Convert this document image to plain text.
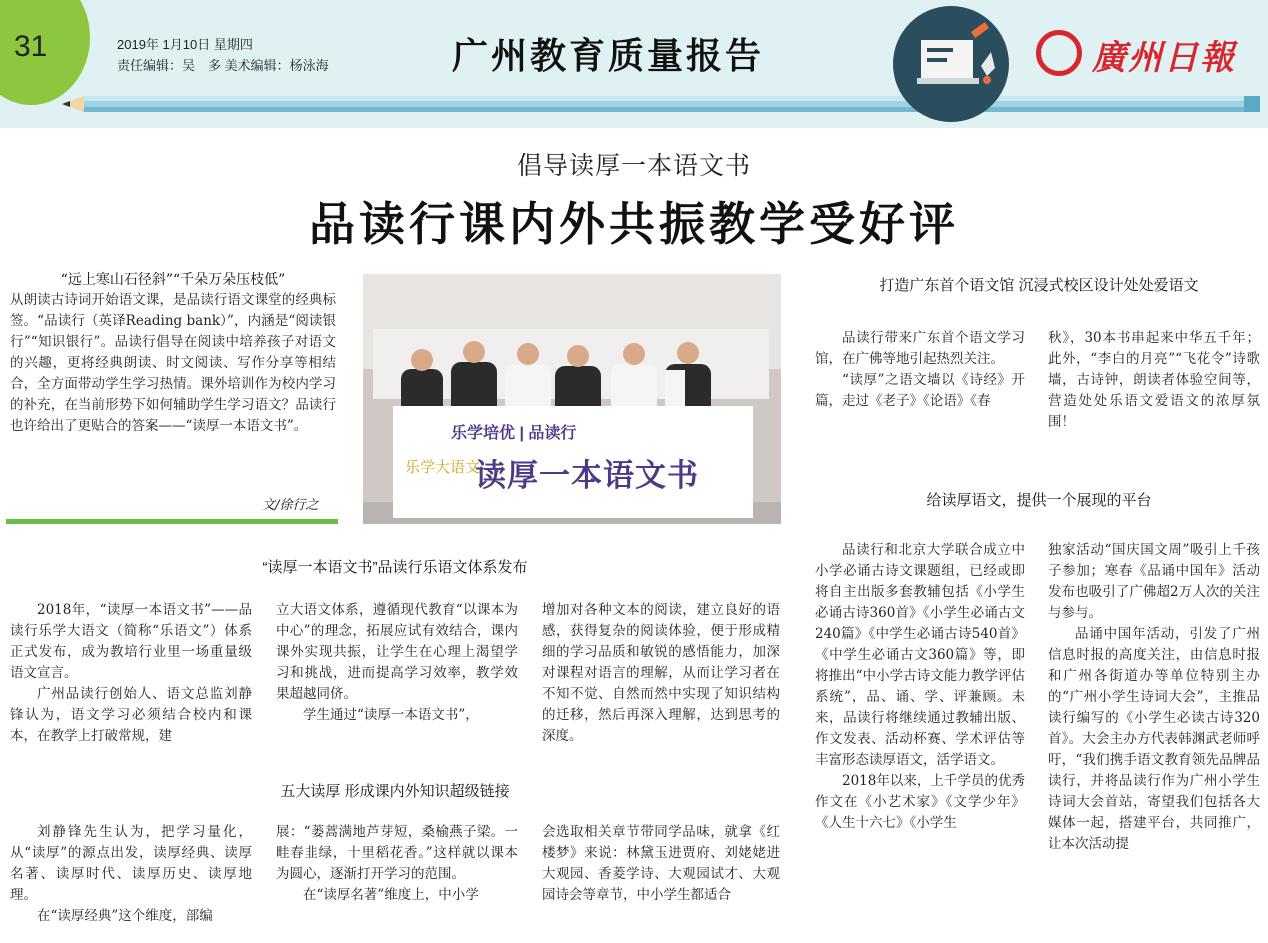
31	2019年 1月10日 星期四
责任编辑：吴　多 美术编辑：杨泳海	广州教育质量报告	廣州日報
倡导读厚一本语文书
品读行课内外共振教学受好评
“远上寒山石径斜”“千朵万朵压枝低”
从朗读古诗词开始语文课，是品读行语文课堂的经典标签。“品读行（英译Reading bank）”，内涵是“阅读银行”“知识银行”。品读行倡导在阅读中培养孩子对语文的兴趣，更将经典朗读、时文阅读、写作分享等相结合，全方面带动学生学习热情。课外培训作为校内学习的补充，在当前形势下如何辅助学生学习语文？品读行也许给出了更贴合的答案——“读厚一本语文书”。
文/徐行之
乐学培优 | 品读行
乐学大语文
读厚一本语文书
“读厚一本语文书”品读行乐语文体系发布

2018年，“读厚一本语文书”——品读行乐学大语文（简称“乐语文”）体系正式发布，成为教培行业里一场重量级语文宣言。

广州品读行创始人、语文总监刘静锋认为，语文学习必须结合校内和课本，在教学上打破常规，建

立大语文体系，遵循现代教育“以课本为中心”的理念，拓展应试有效结合，课内课外实现共振，让学生在心理上渴望学习和挑战，进而提高学习效率，教学效果超越同侪。

学生通过“读厚一本语文书”，

增加对各种文本的阅读，建立良好的语感，获得复杂的阅读体验，便于形成精细的学习品质和敏锐的感悟能力，加深对课程对语言的理解，从而让学习者在不知不觉、自然而然中实现了知识结构的迁移，然后再深入理解，达到思考的深度。

五大读厚 形成课内外知识超级链接

刘静锋先生认为，把学习量化，从“读厚”的源点出发，读厚经典、读厚名著、读厚时代、读厚历史、读厚地理。

在“读厚经典”这个维度，部编

展：“蒌蒿满地芦芽短，桑榆燕子梁。一畦春韭绿，十里稻花香。”这样就以课本为圆心，逐渐打开学习的范围。

在“读厚名著”维度上，中小学

会选取相关章节带同学品味，就拿《红楼梦》来说：林黛玉进贾府、刘姥姥进大观园、香菱学诗、大观园试才、大观园诗会等章节，中小学生都适合

打造广东首个语文馆 沉浸式校区设计处处爱语文

品读行带来广东首个语文学习馆，在广佛等地引起热烈关注。

“读厚”之语文墙以《诗经》开篇，走过《老子》《论语》《春

秋》，30本书串起来中华五千年；此外，“李白的月亮”“飞花令”诗歌墙，古诗钟，朗读者体验空间等，营造处处乐语文爱语文的浓厚氛围！

给读厚语文，提供一个展现的平台

品读行和北京大学联合成立中小学必诵古诗文课题组，已经或即将自主出版多套教辅包括《小学生必诵古诗360首》《小学生必诵古文240篇》《中学生必诵古诗540首》《中学生必诵古文360篇》等，即将推出“中小学古诗文能力教学评估系统”，品、诵、学、评兼顾。未来，品读行将继续通过教辅出版、作文发表、活动杯赛、学术评估等丰富形态读厚语文，活学语文。

2018年以来，上千学员的优秀作文在《小艺术家》《文学少年》《人生十六七》《小学生

独家活动“国庆国文周”吸引上千孩子参加；寒春《品诵中国年》活动发布也吸引了广佛超2万人次的关注与参与。

品诵中国年活动，引发了广州信息时报的高度关注，由信息时报和广州各街道办等单位特别主办的“广州小学生诗词大会”，主推品读行编写的《小学生必读古诗320首》。大会主办方代表韩渊武老师呼吁，“我们携手语文教育领先品牌品读行，并将品读行作为广州小学生诗词大会首站，寄望我们包括各大媒体一起，搭建平台，共同推广，让本次活动提
